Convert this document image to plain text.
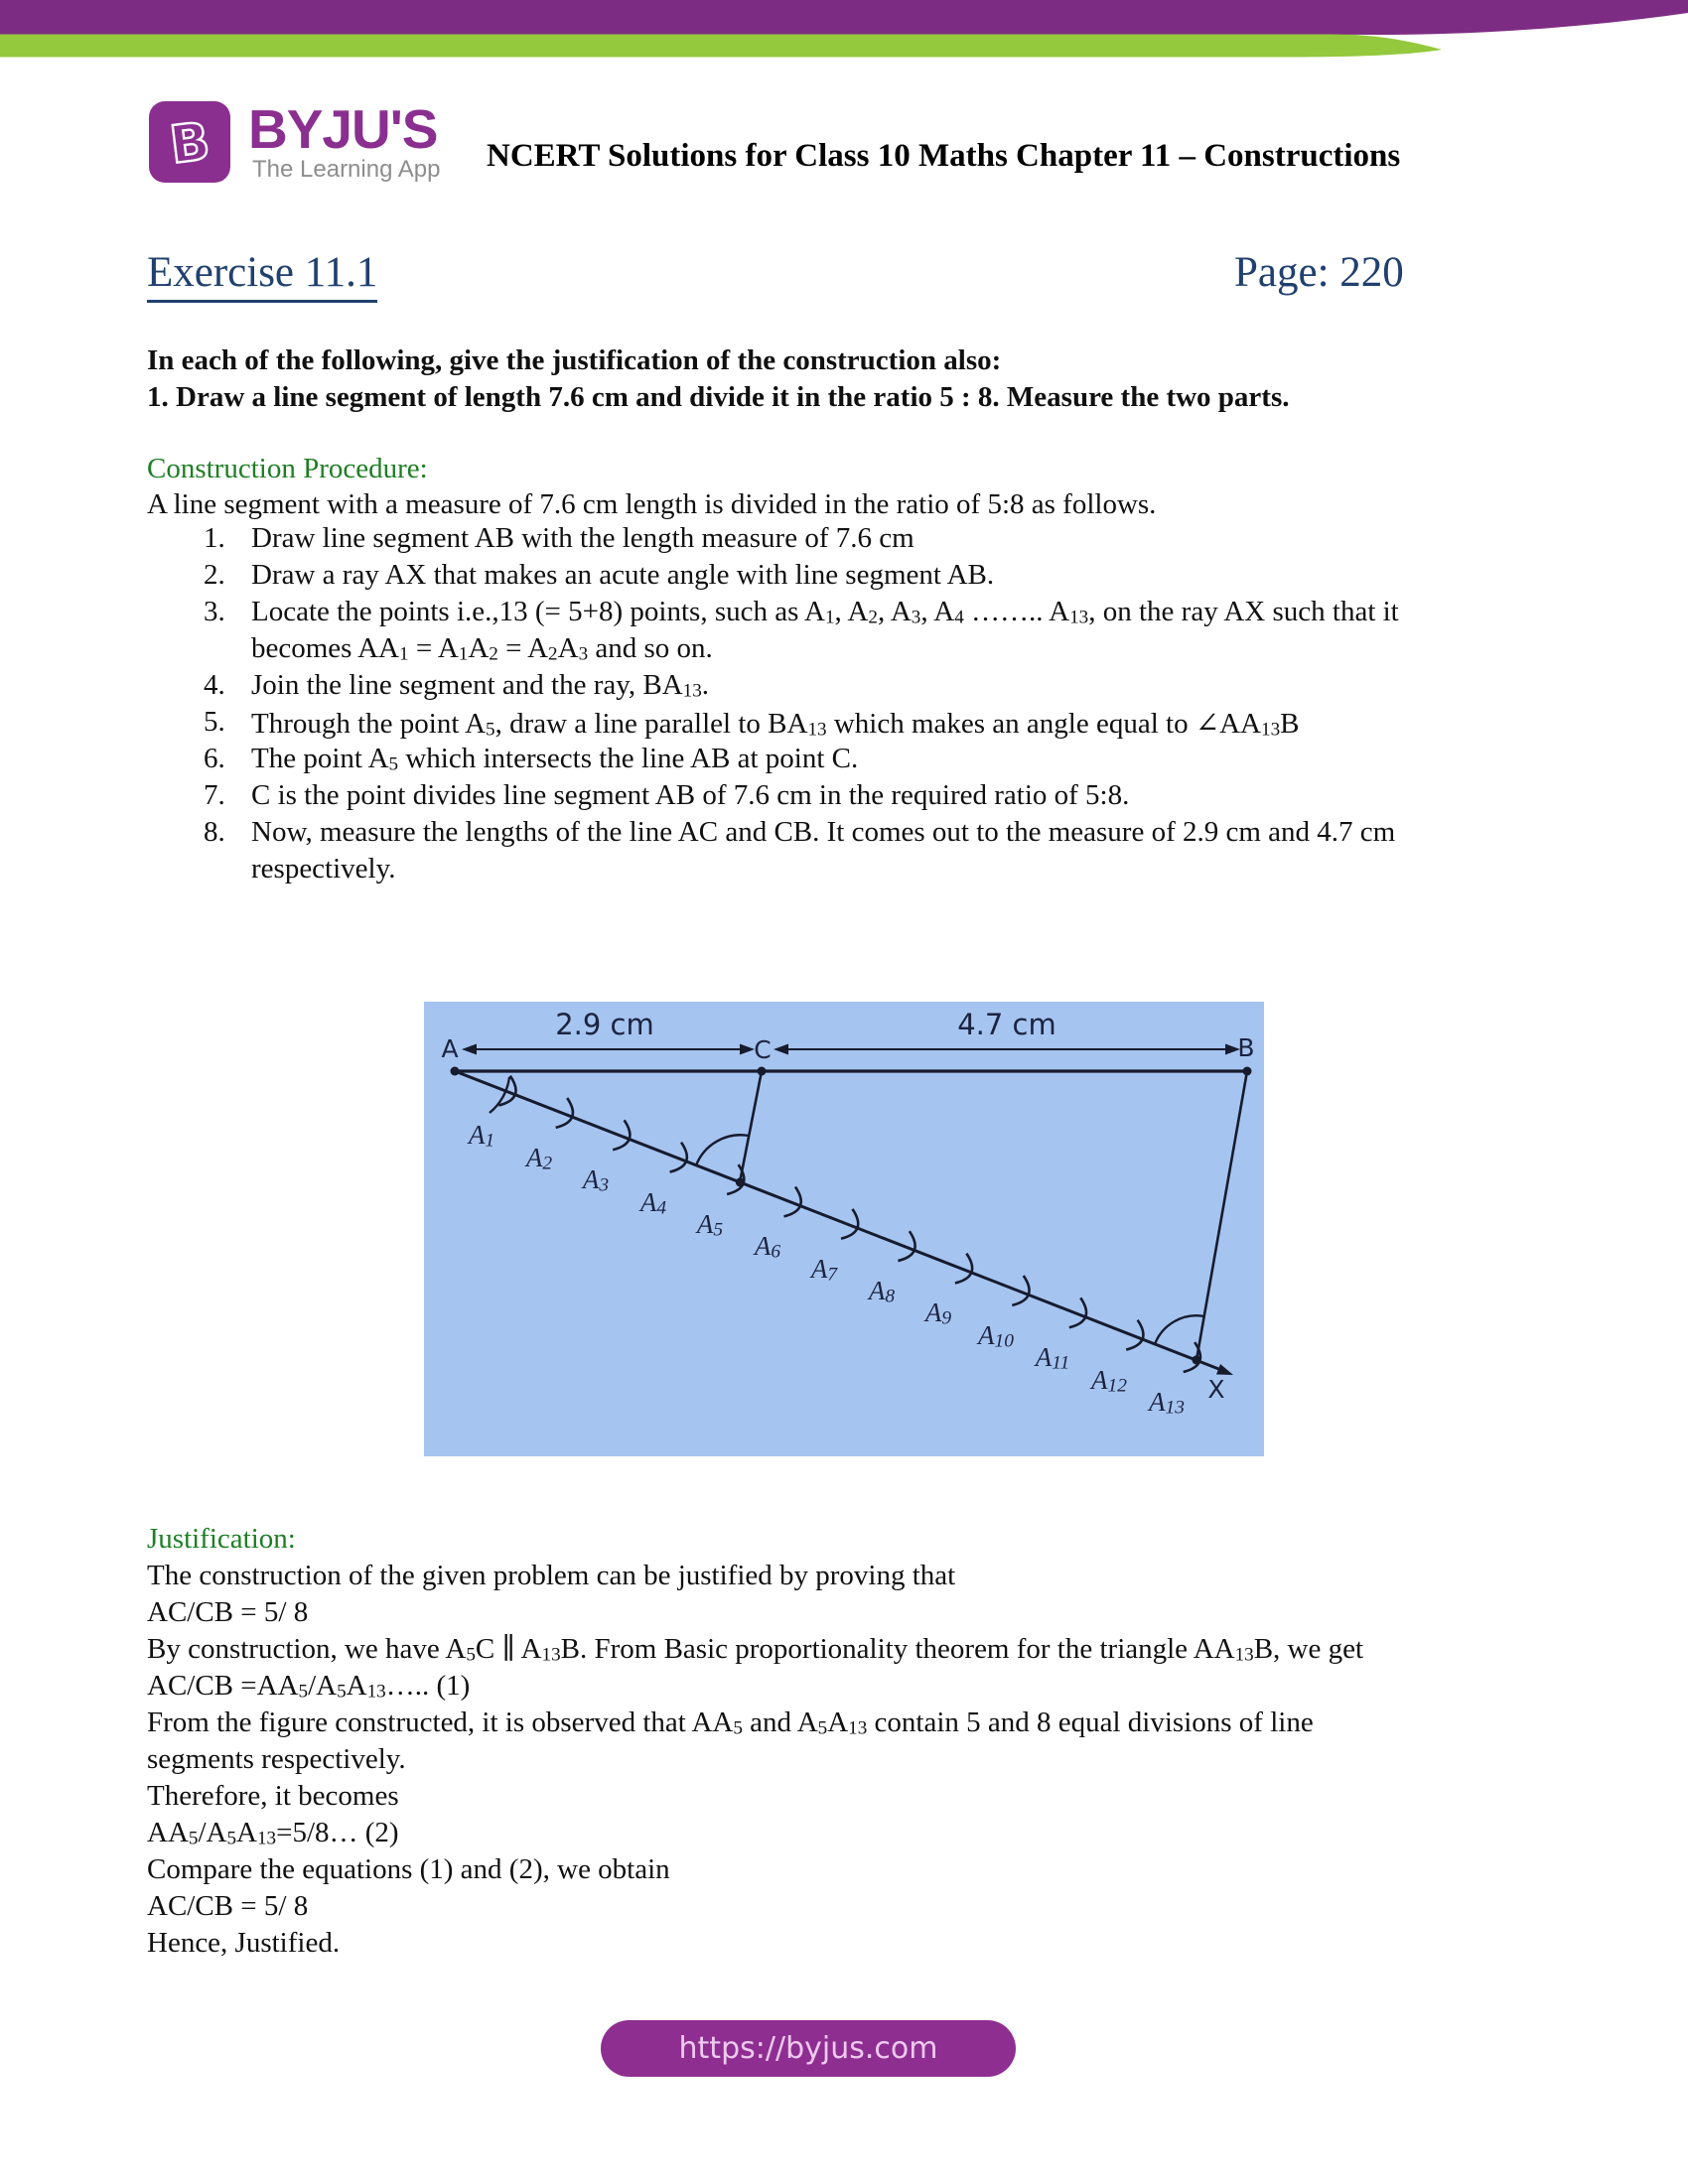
B BYJU'S
The Learning App NCERT Solutions for Class 10 Maths Chapter 11 – Constructions
Exercise 11.1	Page: 220
In each of the following, give the justification of the construction also:
1. Draw a line segment of length 7.6 cm and divide it in the ratio 5 : 8. Measure the two parts.
Construction Procedure:
A line segment with a measure of 7.6 cm length is divided in the ratio of 5:8 as follows.
1. Draw line segment AB with the length measure of 7.6 cm
2. Draw a ray AX that makes an acute angle with line segment AB.
3. Locate the points i.e.,13 (= 5+8) points, such as $A_1$, $A_2$, $A_3$, $A_4$ …….. $A_{13}$, on the ray AX such that it
becomes $AA_1 = A_1A_2 = A_2A_3$ and so on.
4. Join the line segment and the ray, $BA_{13}$.
5. Through the point $A_5$, draw a line parallel to $BA_{13}$ which makes an angle equal to $\angle AA_{13}B$
6. The point $A_5$ which intersects the line AB at point C.
7. C is the point divides line segment AB of 7.6 cm in the required ratio of 5:8.
8. Now, measure the lengths of the line AC and CB. It comes out to the measure of 2.9 cm and 4.7 cm
respectively.
2.9 cm	4.7 cm
A	C	B
X
$A_1$
$A_2$
$A_3$
$A_4$
$A_5$
$A_6$
$A_7$
$A_8$
$A_9$
$A_{10}$
$A_{11}$
$A_{12}$
$A_{13}$
Justification:
The construction of the given problem can be justified by proving that
AC/CB = 5/ 8
By construction, we have $A_5C$ ∥ $A_{13}B$. From Basic proportionality theorem for the triangle $AA_{13}B$, we get
$AC/CB =AA_5/A_5A_{13}\dots$.. (1)
From the figure constructed, it is observed that $AA_5$ and $A_5A_{13}$ contain 5 and 8 equal divisions of line
segments respectively.
Therefore, it becomes
$AA_5/A_5A_{13}=5/8\dots$ (2)
Compare the equations (1) and (2), we obtain
AC/CB = 5/ 8
Hence, Justified.
https://byjus.com
